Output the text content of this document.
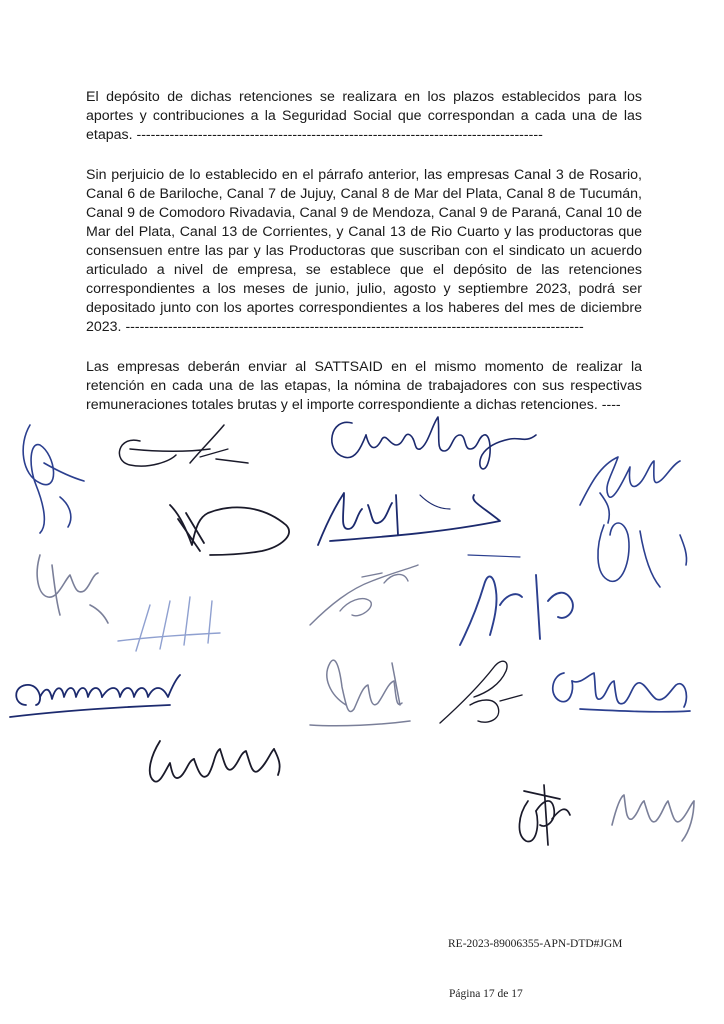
El depósito de dichas retenciones se realizara en los plazos establecidos para los aportes y contribuciones a la Seguridad Social que correspondan a cada una de las etapas. --------------------------------------------------------------------------------------

Sin perjuicio de lo establecido en el párrafo anterior, las empresas Canal 3 de Rosario, Canal 6 de Bariloche, Canal 7 de Jujuy, Canal 8 de Mar del Plata, Canal 8 de Tucumán, Canal 9 de Comodoro Rivadavia, Canal 9 de Mendoza, Canal 9 de Paraná, Canal 10 de Mar del Plata, Canal 13 de Corrientes, y Canal 13 de Rio Cuarto y las productoras que consensuen entre las par y las Productoras que suscriban con el sindicato un acuerdo articulado a nivel de empresa, se establece que el depósito de las retenciones correspondientes a los meses de junio, julio, agosto y septiembre 2023, podrá ser depositado junto con los aportes correspondientes a los haberes del mes de diciembre 2023. -------------------------------------------------------------------------------------------------

Las empresas deberán enviar al SATTSAID en el mismo momento de realizar la retención en cada una de las etapas, la nómina de trabajadores con sus respectivas remuneraciones totales brutas y el importe correspondiente a dichas retenciones. ----

RE-2023-89006355-APN-DTD#JGM
Página 17 de 17
